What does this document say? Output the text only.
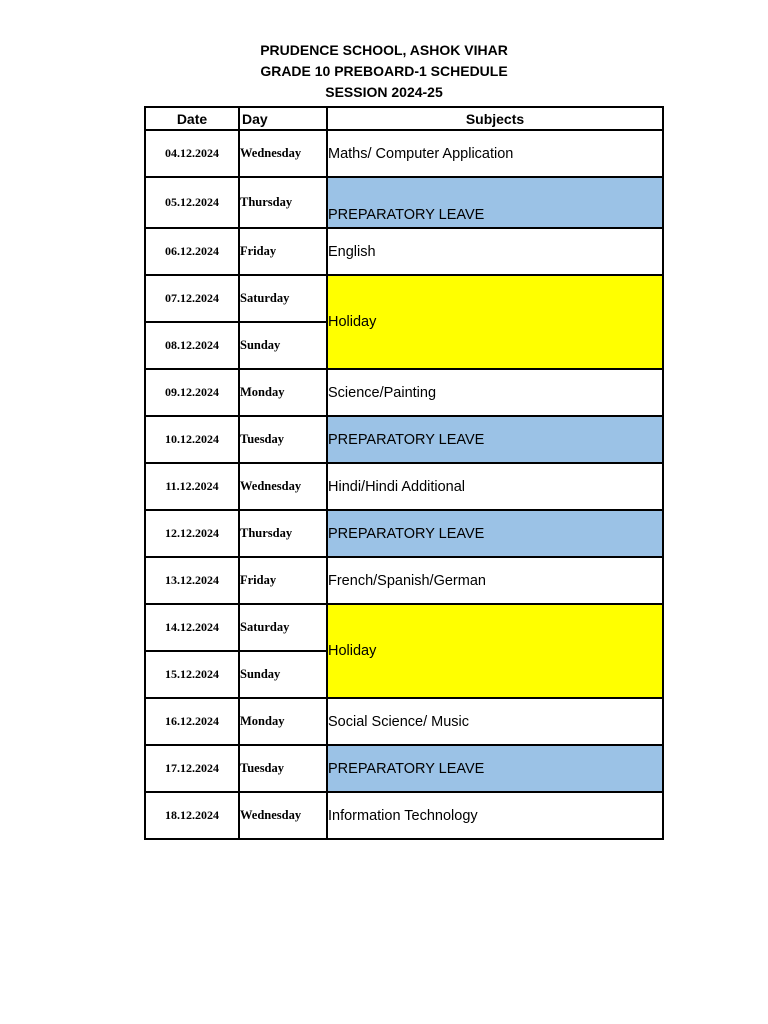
PRUDENCE SCHOOL, ASHOK VIHAR
GRADE 10 PREBOARD-1 SCHEDULE
SESSION 2024-25
Date	Day	Subjects
04.12.2024	Wednesday	Maths/ Computer Application
05.12.2024	Thursday	PREPARATORY LEAVE
06.12.2024	Friday	English
07.12.2024	Saturday	Holiday
08.12.2024	Sunday	
09.12.2024	Monday	Science/Painting
10.12.2024	Tuesday	PREPARATORY LEAVE
11.12.2024	Wednesday	Hindi/Hindi Additional
12.12.2024	Thursday	PREPARATORY LEAVE
13.12.2024	Friday	French/Spanish/German
14.12.2024	Saturday	Holiday
15.12.2024	Sunday	
16.12.2024	Monday	Social Science/ Music
17.12.2024	Tuesday	PREPARATORY LEAVE
18.12.2024	Wednesday	Information Technology
